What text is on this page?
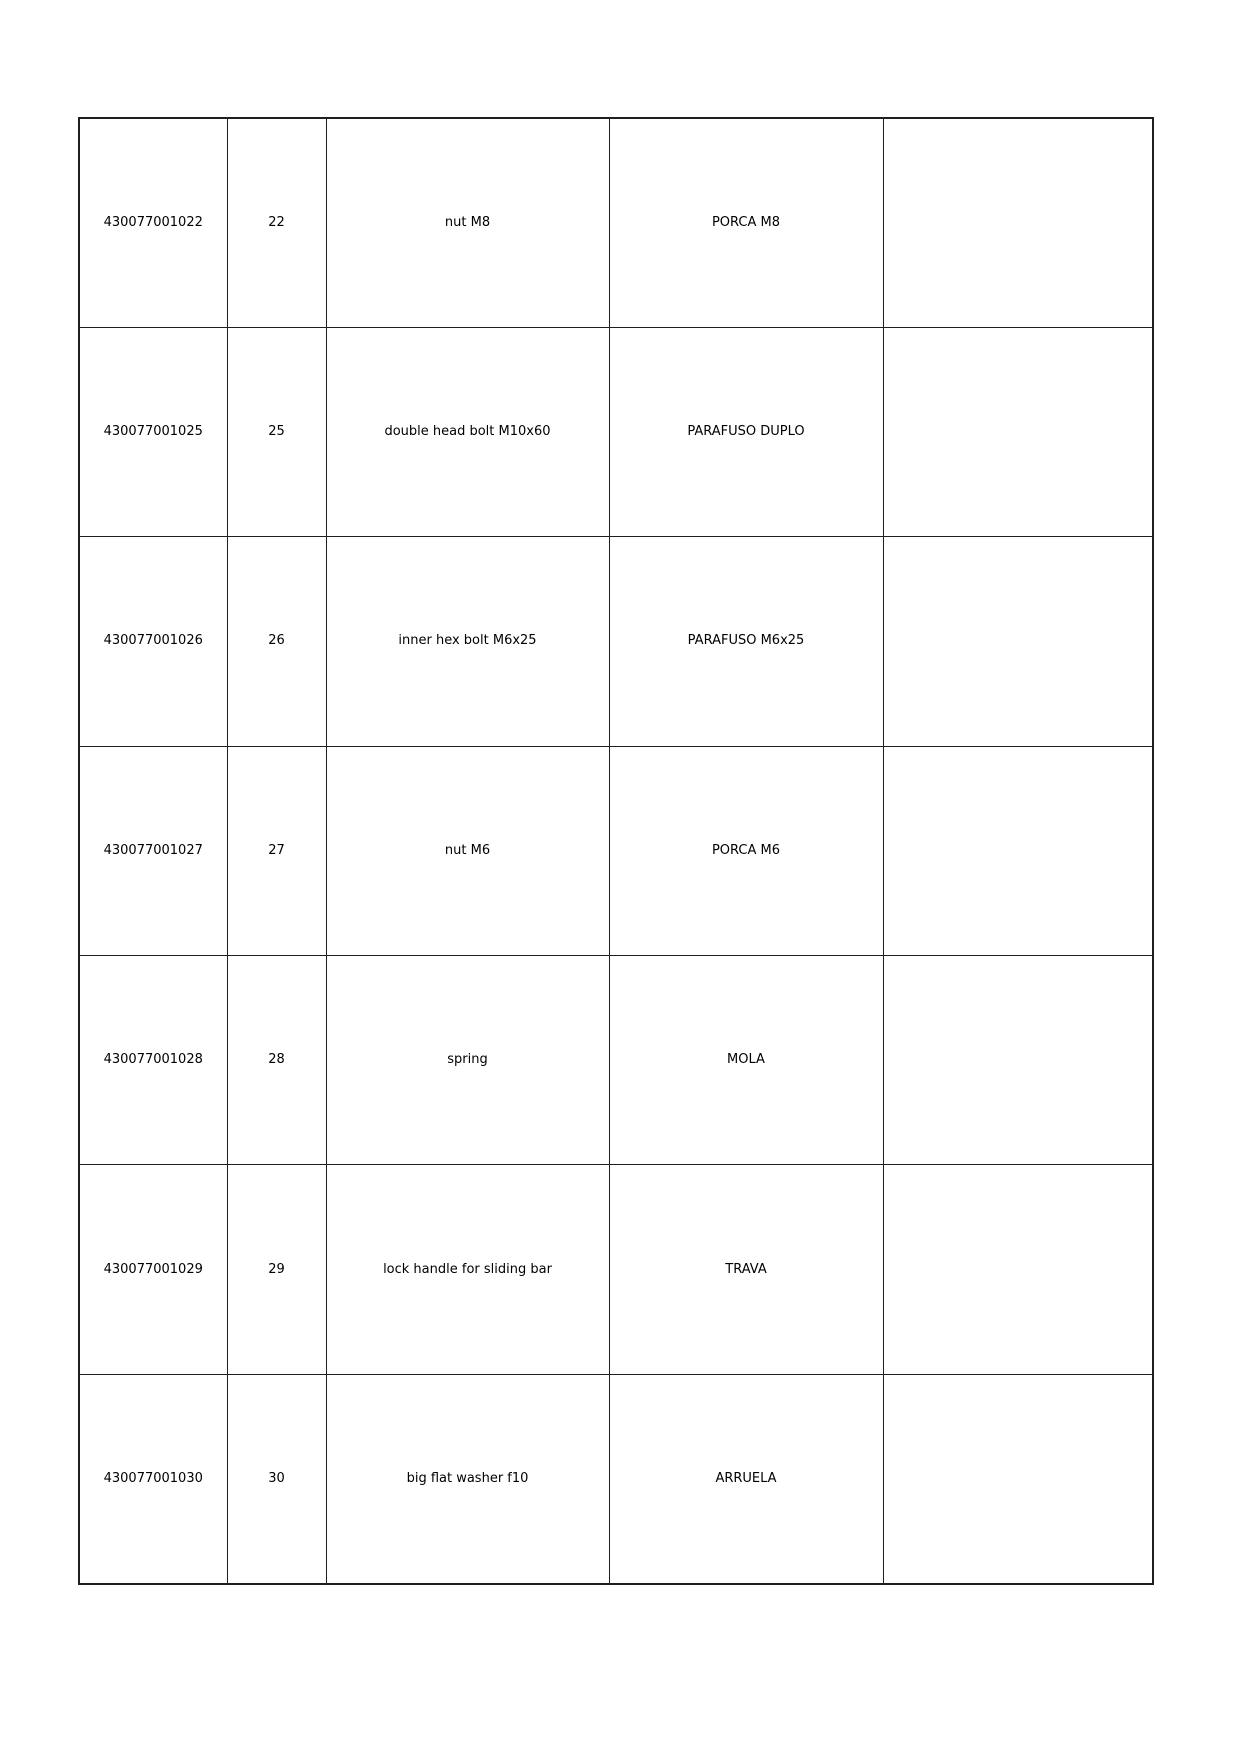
430077001022	22	nut M8	PORCA M8	
430077001025	25	double head bolt M10x60	PARAFUSO DUPLO	
430077001026	26	inner hex bolt M6x25	PARAFUSO M6x25	
430077001027	27	nut M6	PORCA M6	
430077001028	28	spring	MOLA	
430077001029	29	lock handle for sliding bar	TRAVA	
430077001030	30	big flat washer f10	ARRUELA	
